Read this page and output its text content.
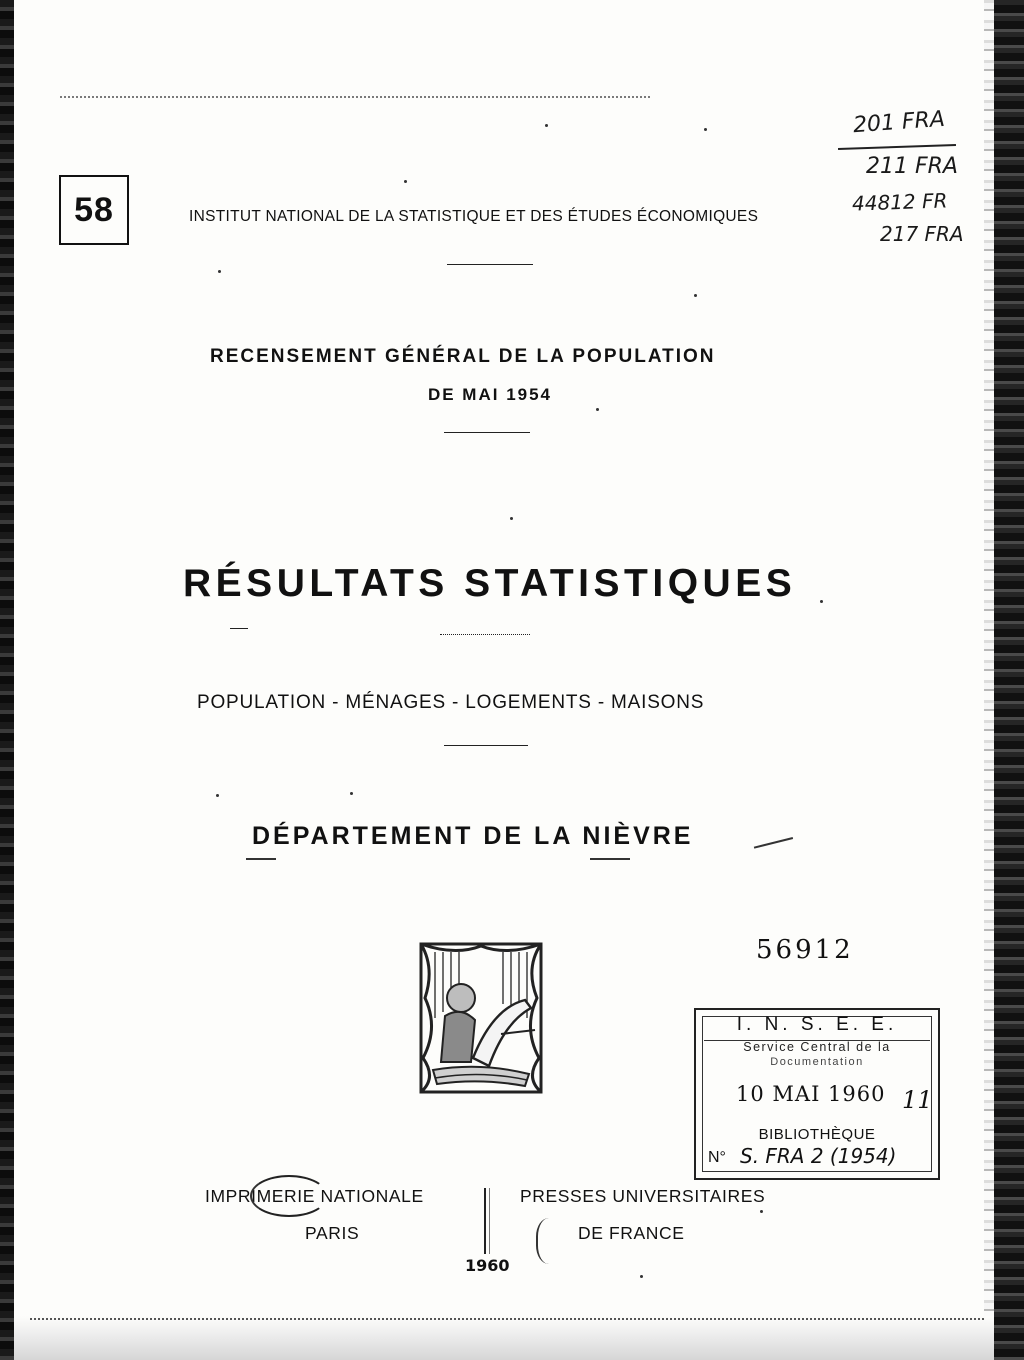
58	INSTITUT NATIONAL DE LA STATISTIQUE ET DES ÉTUDES ÉCONOMIQUES
201 FRA
211 FRA
44812 FR
217 FRA
RECENSEMENT GÉNÉRAL DE LA POPULATION
DE MAI 1954
RÉSULTATS STATISTIQUES
POPULATION - MÉNAGES - LOGEMENTS - MAISONS
DÉPARTEMENT DE LA NIÈVRE
56912
I. N. S. E. E.
Service Central de la
Documentation
10 MAI 1960 11
BIBLIOTHÈQUE
N° S. FRA 2 (1954)
IMPRIMERIE NATIONALE
PARIS
PRESSES UNIVERSITAIRES
DE FRANCE
1960
